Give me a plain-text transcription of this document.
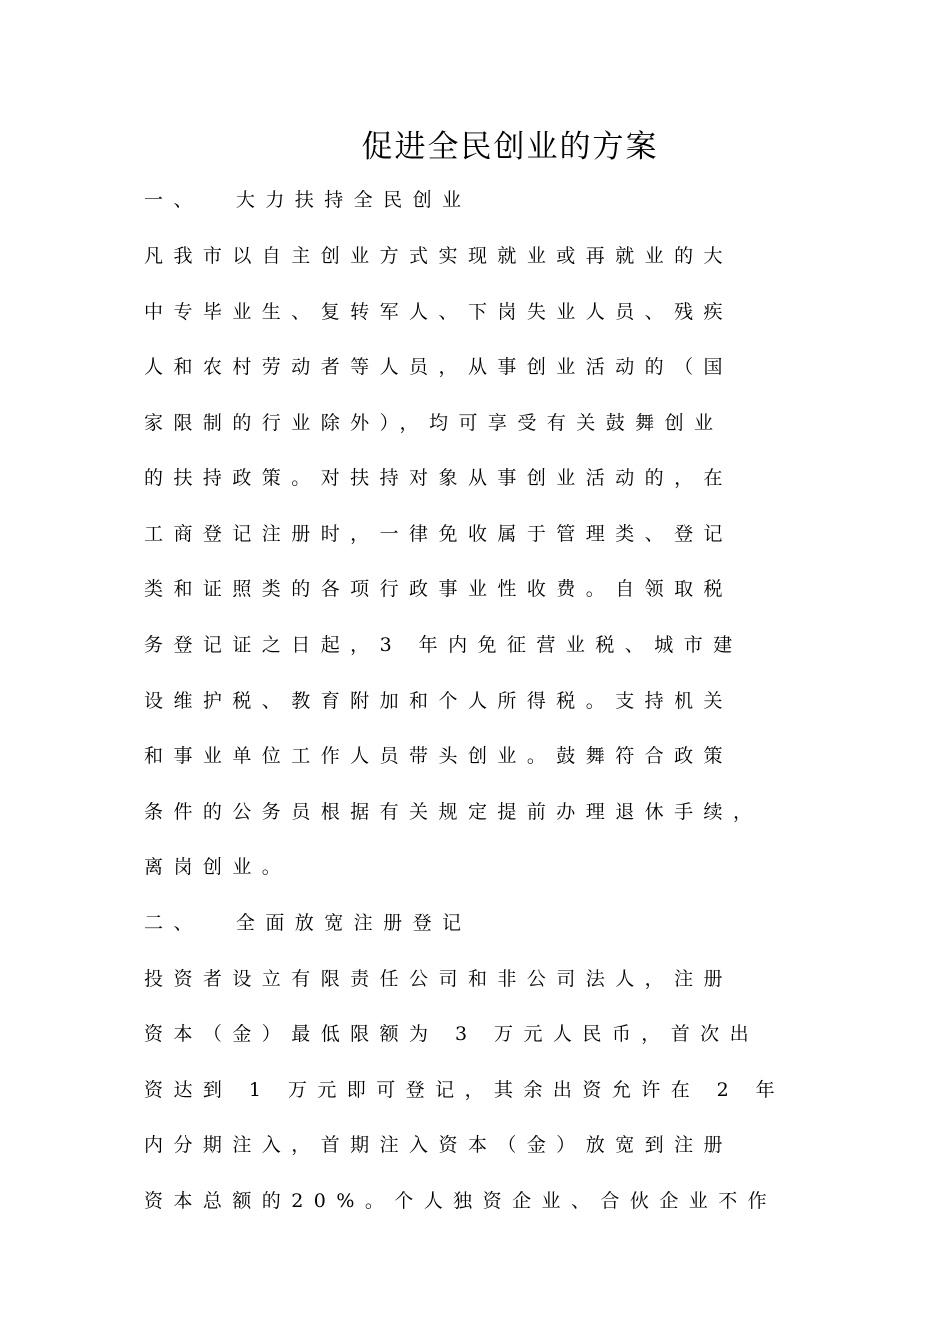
促进全民创业的方案
一、  大力扶持全民创业
凡我市以自主创业方式实现就业或再就业的大
中专毕业生、复转军人、下岗失业人员、残疾
人和农村劳动者等人员，从事创业活动的（国
家限制的行业除外），均可享受有关鼓舞创业
的扶持政策。对扶持对象从事创业活动的，在
工商登记注册时，一律免收属于管理类、登记
类和证照类的各项行政事业性收费。自领取税
务登记证之日起，3 年内免征营业税、城市建
设维护税、教育附加和个人所得税。支持机关
和事业单位工作人员带头创业。鼓舞符合政策
条件的公务员根据有关规定提前办理退休手续，
离岗创业。
二、  全面放宽注册登记
投资者设立有限责任公司和非公司法人，注册
资本（金）最低限额为 3 万元人民币，首次出
资达到 1 万元即可登记，其余出资允许在 2 年
内分期注入，首期注入资本（金）放宽到注册
资本总额的20%。个人独资企业、合伙企业不作
